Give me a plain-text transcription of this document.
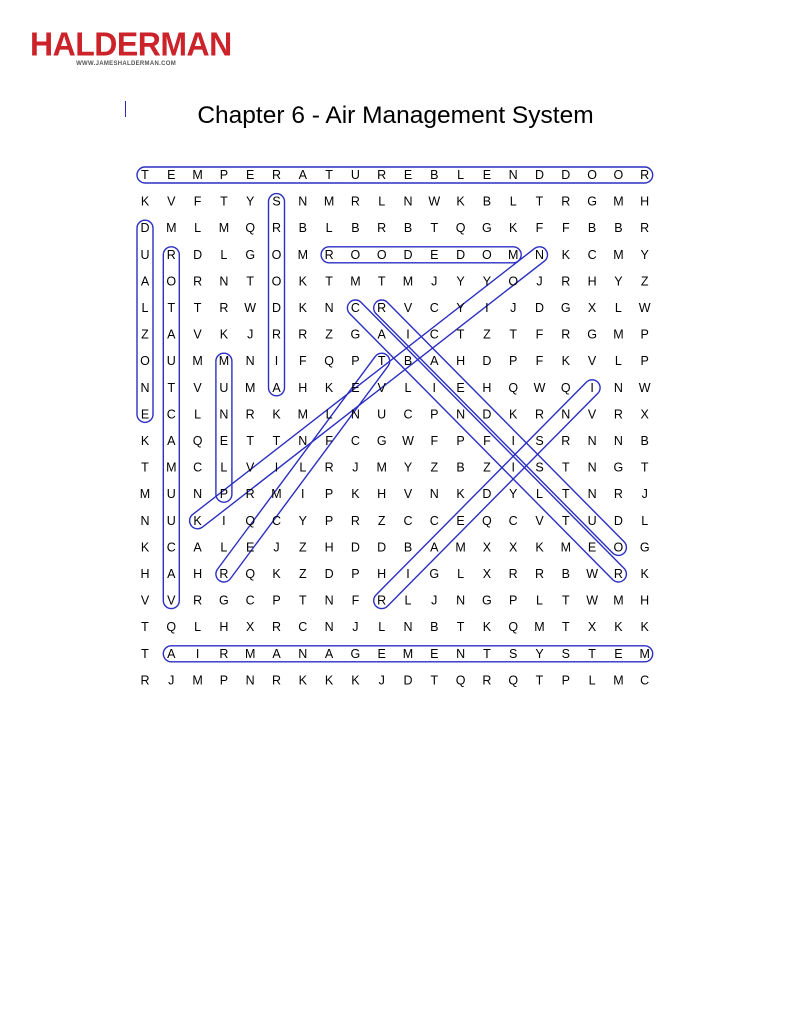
HALDERMAN
WWW.JAMESHALDERMAN.COM
Chapter 6 - Air Management System
T E M P E R A T U R E B L E N D D O O R
K V F T Y S N M R L N W K B L T R G M H
D M L M Q R B L B R B T Q G K F F B B R
U R D L G O M R O O D E D O M N K C M Y
A O R N T O K T M T M J Y Y O J R H Y Z
L T T R W D K N C R V C Y I J D G X L W
Z A V K J R R Z G A I C T Z T F R G M P
O U M M N I F Q P T B A H D P F K V L P
N T V U M A H K E V L I E H Q W Q I N W
E C L N R K M L N U C P N D K R N V R X
K A Q E T T N F C G W F P F I S R N N B
T M C L V I L R J M Y Z B Z I S T N G T
M U N P R M I P K H V N K D Y L T N R J
N U K I Q C Y P R Z C C E Q C V T U D L
K C A L E J Z H D D B A M X X K M E O G
H A H R Q K Z D P H I G L X R R B W R K
V V R G C P T N F R L J N G P L T W M H
T Q L H X R C N J L N B T K Q M T X K K
T A I R M A N A G E M E N T S Y S T E M
R J M P N R K K K J D T Q R Q T P L M C
